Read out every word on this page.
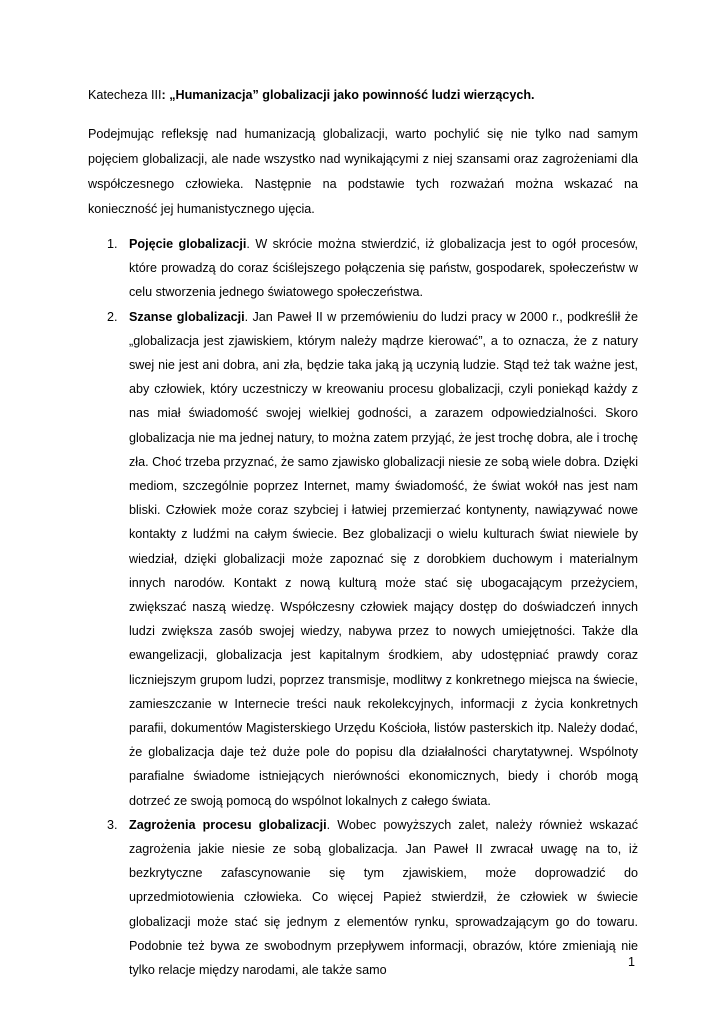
Katecheza III: „Humanizacja” globalizacji jako powinność ludzi wierzących.
Podejmując refleksję nad humanizacją globalizacji, warto pochylić się nie tylko nad samym pojęciem globalizacji, ale nade wszystko nad wynikającymi z niej szansami oraz zagrożeniami dla współczesnego człowieka. Następnie na podstawie tych rozważań można wskazać na konieczność jej humanistycznego ujęcia.
1. Pojęcie globalizacji. W skrócie można stwierdzić, iż globalizacja jest to ogół procesów, które prowadzą do coraz ściślejszego połączenia się państw, gospodarek, społeczeństw w celu stworzenia jednego światowego społeczeństwa.
2. Szanse globalizacji. Jan Paweł II w przemówieniu do ludzi pracy w 2000 r., podkreślił że „globalizacja jest zjawiskiem, którym należy mądrze kierować”, a to oznacza, że z natury swej nie jest ani dobra, ani zła, będzie taka jaką ją uczynią ludzie. Stąd też tak ważne jest, aby człowiek, który uczestniczy w kreowaniu procesu globalizacji, czyli poniekąd każdy z nas miał świadomość swojej wielkiej godności, a zarazem odpowiedzialności. Skoro globalizacja nie ma jednej natury, to można zatem przyjąć, że jest trochę dobra, ale i trochę zła. Choć trzeba przyznać, że samo zjawisko globalizacji niesie ze sobą wiele dobra. Dzięki mediom, szczególnie poprzez Internet, mamy świadomość, że świat wokół nas jest nam bliski. Człowiek może coraz szybciej i łatwiej przemierzać kontynenty, nawiązywać nowe kontakty z ludźmi na całym świecie. Bez globalizacji o wielu kulturach świat niewiele by wiedział, dzięki globalizacji może zapoznać się z dorobkiem duchowym i materialnym innych narodów. Kontakt z nową kulturą może stać się ubogacającym przeżyciem, zwiększać naszą wiedzę. Współczesny człowiek mający dostęp do doświadczeń innych ludzi zwiększa zasób swojej wiedzy, nabywa przez to nowych umiejętności. Także dla ewangelizacji, globalizacja jest kapitalnym środkiem, aby udostępniać prawdy coraz liczniejszym grupom ludzi, poprzez transmisje, modlitwy z konkretnego miejsca na świecie, zamieszczanie w Internecie treści nauk rekolekcyjnych, informacji z życia konkretnych parafii, dokumentów Magisterskiego Urzędu Kościoła, listów pasterskich itp. Należy dodać, że globalizacja daje też duże pole do popisu dla działalności charytatywnej. Wspólnoty parafialne świadome istniejących nierówności ekonomicznych, biedy i chorób mogą dotrzeć ze swoją pomocą do wspólnot lokalnych z całego świata.
3. Zagrożenia procesu globalizacji. Wobec powyższych zalet, należy również wskazać zagrożenia jakie niesie ze sobą globalizacja. Jan Paweł II zwracał uwagę na to, iż bezkrytyczne zafascynowanie się tym zjawiskiem, może doprowadzić do uprzedmiotowienia człowieka. Co więcej Papież stwierdził, że człowiek w świecie globalizacji może stać się jednym z elementów rynku, sprowadzającym go do towaru. Podobnie też bywa ze swobodnym przepływem informacji, obrazów, które zmieniają nie tylko relacje między narodami, ale także samo
1
